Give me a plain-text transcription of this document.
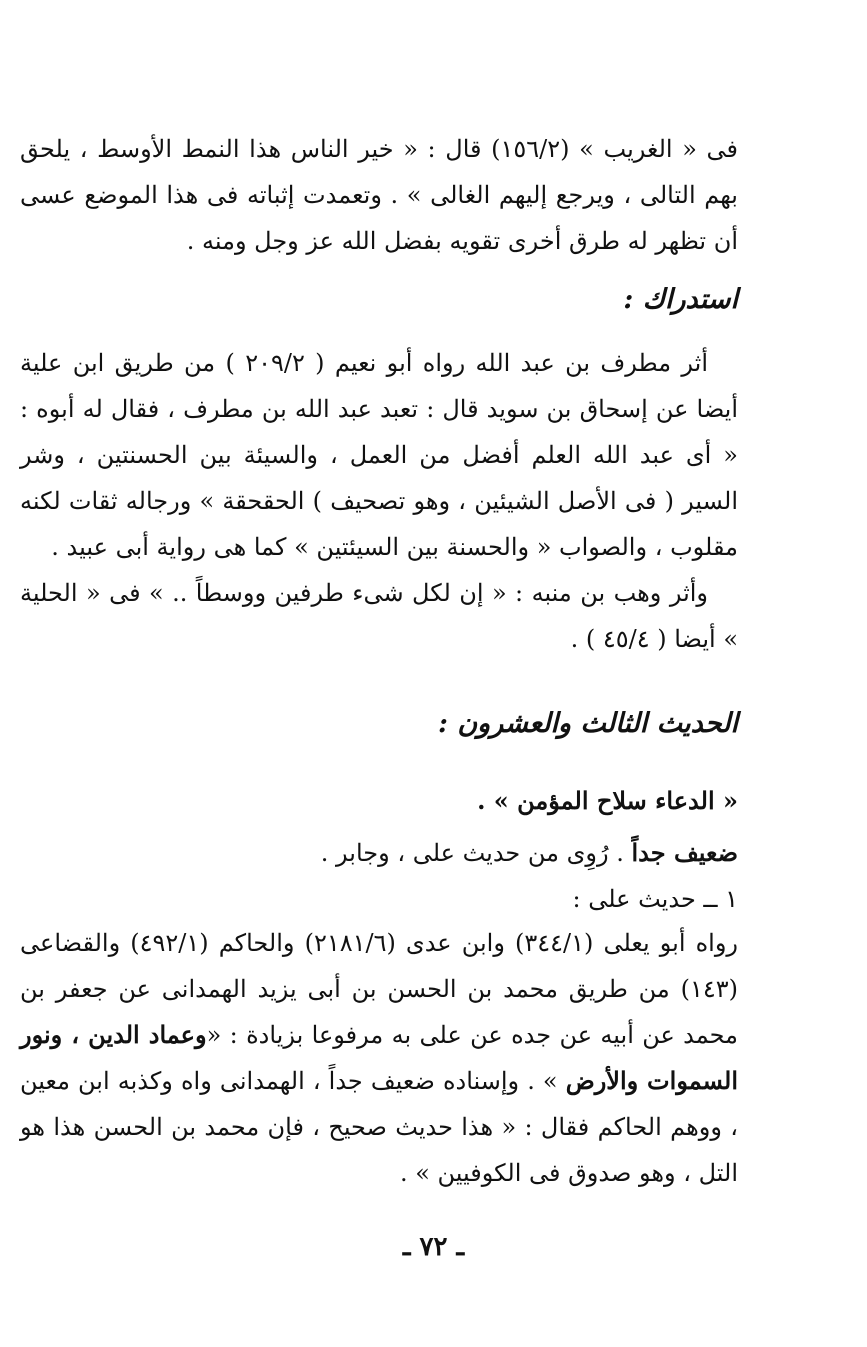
فى « الغريب » (١٥٦/٢) قال : « خير الناس هذا النمط الأوسط ، يلحق بهم التالى ، ويرجع إليهم الغالى » . وتعمدت إثباته فى هذا الموضع عسى أن تظهر له طرق أخرى تقويه بفضل الله عز وجل ومنه .

استدراك :

أثر مطرف بن عبد الله رواه أبو نعيم ( ٢٠٩/٢ ) من طريق ابن علية أيضا عن إسحاق بن سويد قال : تعبد عبد الله بن مطرف ، فقال له أبوه : « أى عبد الله العلم أفضل من العمل ، والسيئة بين الحسنتين ، وشر السير ( فى الأصل الشيئين ، وهو تصحيف ) الحقحقة » ورجاله ثقات لكنه مقلوب ، والصواب « والحسنة بين السيئتين » كما هى رواية أبى عبيد .

وأثر وهب بن منبه : « إن لكل شىء طرفين ووسطاً .. » فى « الحلية » أيضا ( ٤٥/٤ ) .

الحديث الثالث والعشرون :

« الدعاء سلاح المؤمن » .

ضعيف جداً . رُوِى من حديث على ، وجابر .

١ ــ حديث على :

رواه أبو يعلى (٣٤٤/١) وابن عدى (٢١٨١/٦) والحاكم (٤٩٢/١) والقضاعى (١٤٣) من طريق محمد بن الحسن بن أبى يزيد الهمدانى عن جعفر بن محمد عن أبيه عن جده عن على به مرفوعا بزيادة : «وعماد الدين ، ونور السموات والأرض » . وإسناده ضعيف جداً ، الهمدانى واه وكذبه ابن معين ، ووهم الحاكم فقال : « هذا حديث صحيح ، فإن محمد بن الحسن هذا هو التل ، وهو صدوق فى الكوفيين » .

ـ ٧٢ ـ
